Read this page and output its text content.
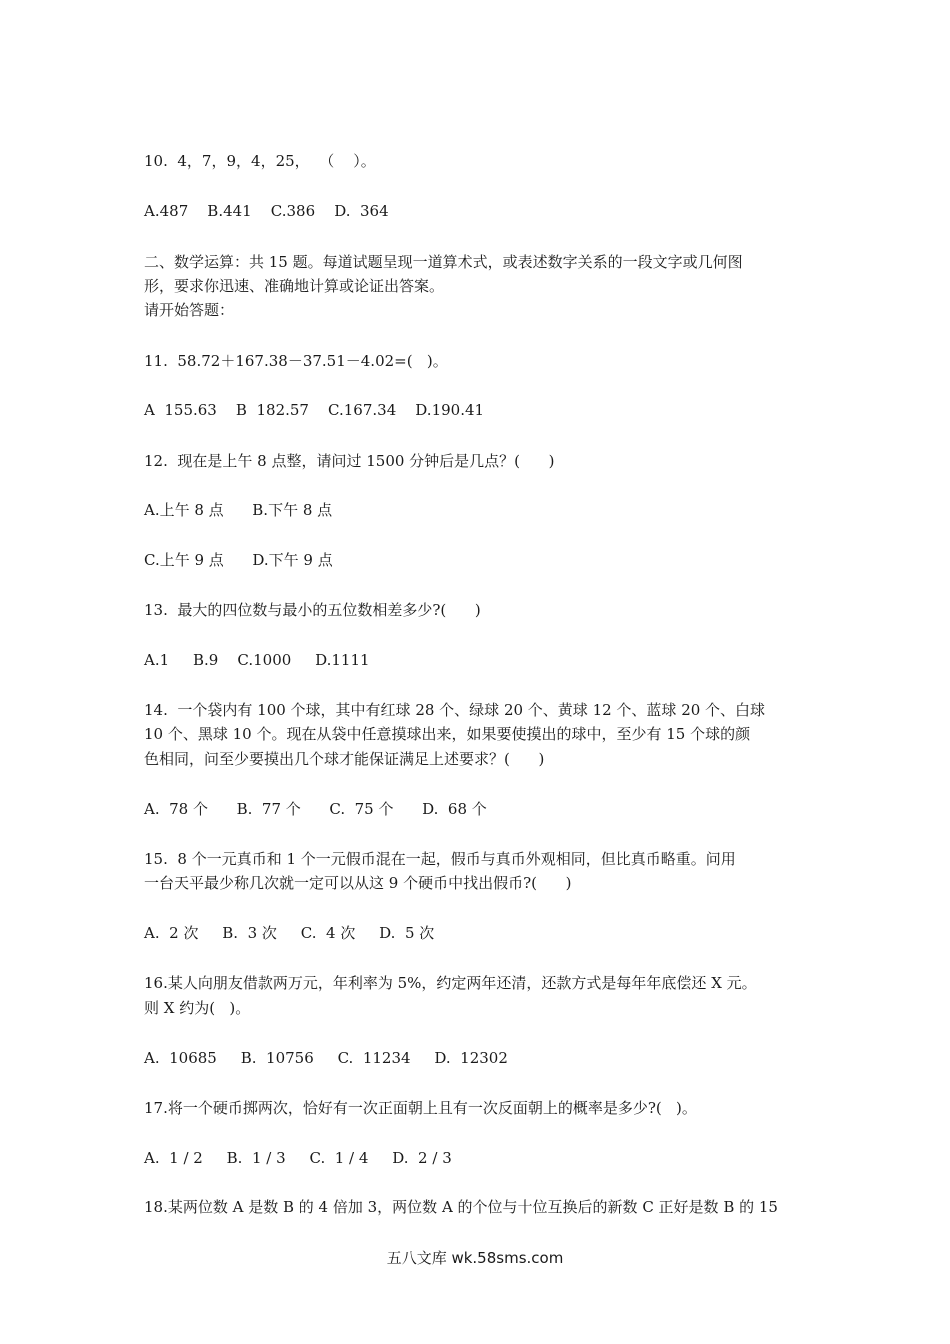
10.  4，7，9，4，25，  （    ）。
A.487    B.441    C.386    D.  364
二、数学运算：共 15 题。每道试题呈现一道算术式，或表述数字关系的一段文字或几何图
形，要求你迅速、准确地计算或论证出答案。
请开始答题：
11.  58.72＋167.38－37.51－4.02=(   )。
A  155.63    B  182.57    C.167.34    D.190.41
12.  现在是上午 8 点整，请问过 1500 分钟后是几点？(      )
A.上午 8 点      B.下午 8 点
C.上午 9 点      D.下午 9 点
13.  最大的四位数与最小的五位数相差多少?(      )
A.1     B.9    C.1000     D.1111
14.  一个袋内有 100 个球，其中有红球 28 个、绿球 20 个、黄球 12 个、蓝球 20 个、白球
10 个、黑球 10 个。现在从袋中任意摸球出来，如果要使摸出的球中，至少有 15 个球的颜
色相同，问至少要摸出几个球才能保证满足上述要求？(      )
A.  78 个      B.  77 个      C.  75 个      D.  68 个
15.  8 个一元真币和 1 个一元假币混在一起，假币与真币外观相同，但比真币略重。问用
一台天平最少称几次就一定可以从这 9 个硬币中找出假币?(      )
A.  2 次     B.  3 次     C.  4 次     D.  5 次
16.某人向朋友借款两万元，年利率为 5%，约定两年还清，还款方式是每年年底偿还 X 元。
则 X 约为(   )。
A.  10685     B.  10756     C.  11234     D.  12302
17.将一个硬币掷两次，恰好有一次正面朝上且有一次反面朝上的概率是多少?(   )。
A.  1 / 2     B.  1 / 3     C.  1 / 4     D.  2 / 3
18.某两位数 A 是数 B 的 4 倍加 3，两位数 A 的个位与十位互换后的新数 C 正好是数 B 的 15
五八文库 wk.58sms.com
